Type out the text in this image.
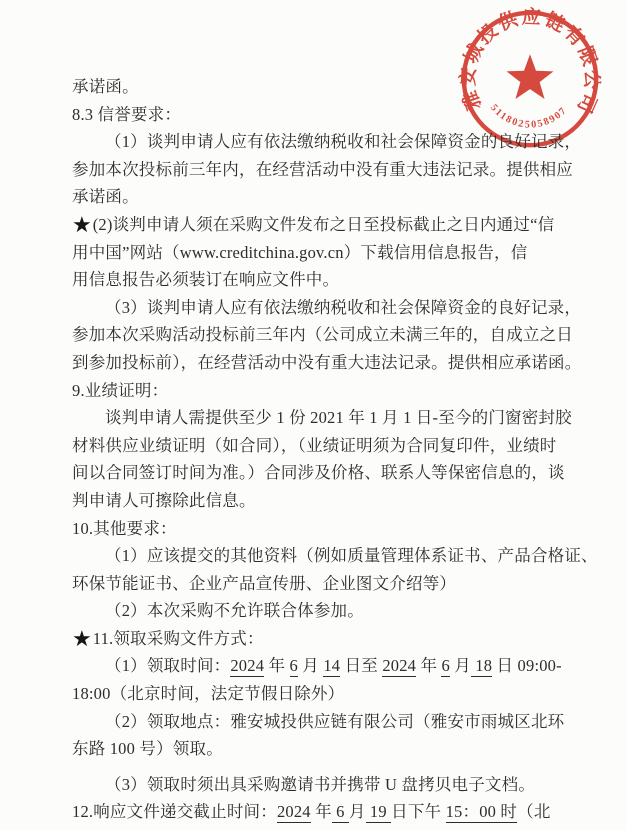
雅安城投供应链有限公司
5118025058907
承诺函。
8.3 信誉要求：
（1）谈判申请人应有依法缴纳税收和社会保障资金的良好记录，
参加本次投标前三年内，在经营活动中没有重大违法记录。提供相应
承诺函。
★(2)谈判申请人须在采购文件发布之日至投标截止之日内通过“信
用中国”网站（www.creditchina.gov.cn）下载信用信息报告，信
用信息报告必须装订在响应文件中。
（3）谈判申请人应有依法缴纳税收和社会保障资金的良好记录，
参加本次采购活动投标前三年内（公司成立未满三年的，自成立之日
到参加投标前），在经营活动中没有重大违法记录。提供相应承诺函。
9.业绩证明：
谈判申请人需提供至少 1 份 2021 年 1 月 1 日-至今的门窗密封胶
材料供应业绩证明（如合同），（业绩证明须为合同复印件，业绩时
间以合同签订时间为准。）合同涉及价格、联系人等保密信息的，谈
判申请人可擦除此信息。
10.其他要求：
（1）应该提交的其他资料（例如质量管理体系证书、产品合格证、
环保节能证书、企业产品宣传册、企业图文介绍等）
（2）本次采购不允许联合体参加。
★11.领取采购文件方式：
（1）领取时间：2024 年 6 月 14 日至 2024 年 6 月 18 日 09:00-
18:00（北京时间，法定节假日除外）
（2）领取地点：雅安城投供应链有限公司（雅安市雨城区北环
东路 100 号）领取。
（3）领取时须出具采购邀请书并携带 U 盘拷贝电子文档。
12.响应文件递交截止时间：2024 年 6 月 19 日下午 15：00 时（北
